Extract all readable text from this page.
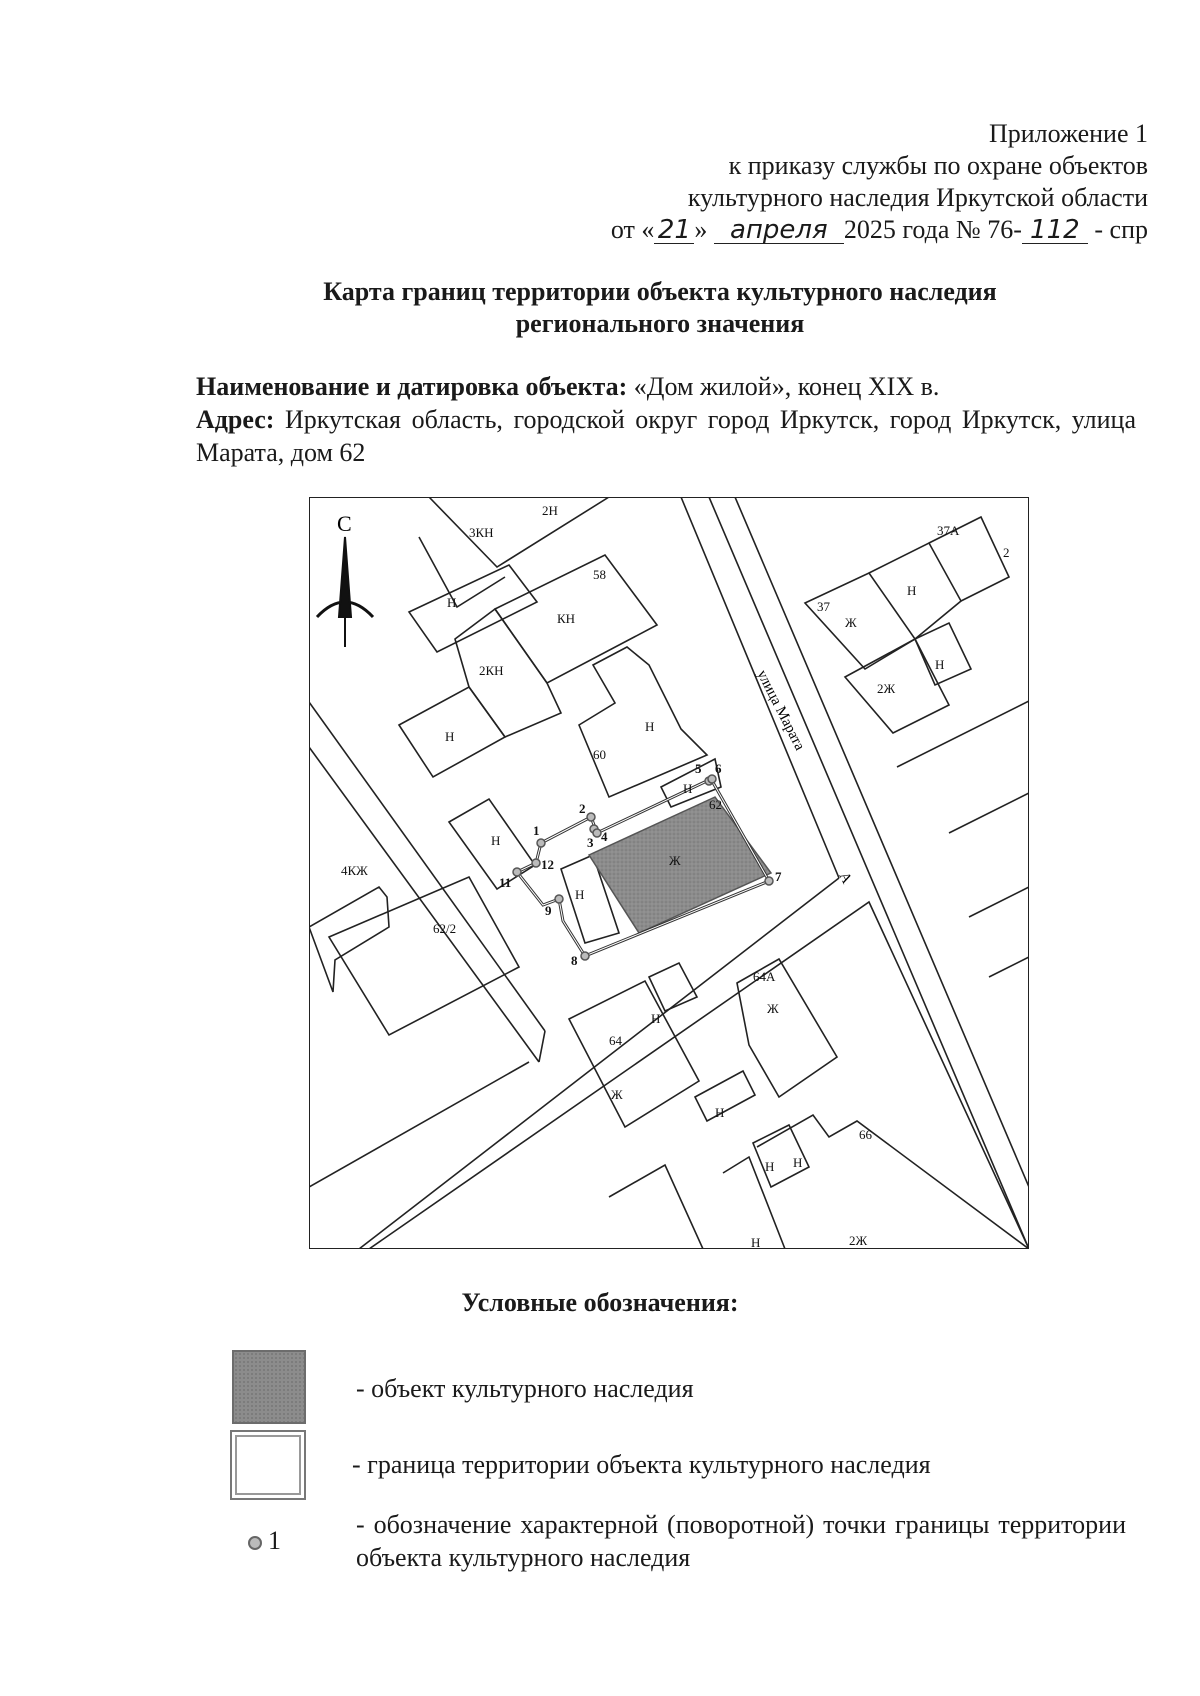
Приложение 1
к приказу службы по охране объектов
культурного наследия Иркутской области
от « 21 » апреля 2025 года № 76- 112 - спр
Карта границ территории объекта культурного наследия
регионального значения
Наименование и датировка объекта: «Дом жилой», конец XIX в.
Адрес: Иркутская область, городской округ город Иркутск, город Иркутск, улица Марата, дом 62
С
улица Марата
А
2Н
3КН	37А
2
Н
58
КН
2КН
Н
60
Н
Н
62
Ж
Н
Н
4КЖ
62/2
37
Ж
Н
Н
2Ж
64А
Ж
64
Н
Ж
Н
66
Н Н
Н	2Ж
1
2
3 4
5 6
7
8
9
11
12
Условные обозначения:
- объект культурного наследия
- граница территории объекта культурного наследия
1
- обозначение характерной (поворотной) точки границы территории объекта культурного наследия
